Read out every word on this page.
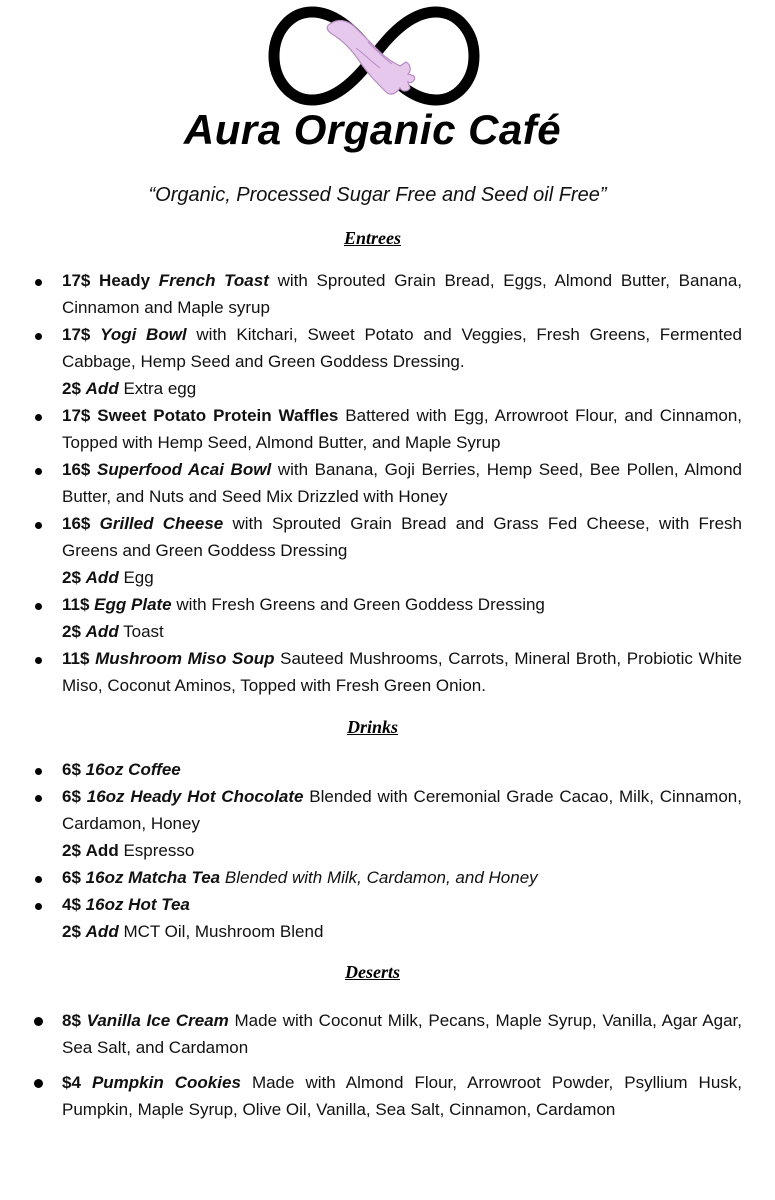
Aura Organic Café
“Organic, Processed Sugar Free and Seed oil Free”
Entrees
17$ Heady French Toast with Sprouted Grain Bread, Eggs, Almond Butter, Banana, Cinnamon and Maple syrup
17$ Yogi Bowl with Kitchari, Sweet Potato and Veggies, Fresh Greens, Fermented Cabbage, Hemp Seed and Green Goddess Dressing.
2$ Add Extra egg
17$ Sweet Potato Protein Waffles Battered with Egg, Arrowroot Flour, and Cinnamon, Topped with Hemp Seed, Almond Butter, and Maple Syrup
16$ Superfood Acai Bowl with Banana, Goji Berries, Hemp Seed, Bee Pollen, Almond Butter, and Nuts and Seed Mix Drizzled with Honey
16$ Grilled Cheese with Sprouted Grain Bread and Grass Fed Cheese, with Fresh Greens and Green Goddess Dressing
2$ Add Egg
11$ Egg Plate with Fresh Greens and Green Goddess Dressing
2$ Add Toast
11$ Mushroom Miso Soup Sauteed Mushrooms, Carrots, Mineral Broth, Probiotic White Miso, Coconut Aminos, Topped with Fresh Green Onion.
Drinks
6$ 16oz Coffee
6$ 16oz Heady Hot Chocolate Blended with Ceremonial Grade Cacao, Milk, Cinnamon, Cardamon, Honey
2$ Add Espresso
6$ 16oz Matcha Tea Blended with Milk, Cardamon, and Honey
4$ 16oz Hot Tea
2$ Add MCT Oil, Mushroom Blend
Deserts
8$ Vanilla Ice Cream Made with Coconut Milk, Pecans, Maple Syrup, Vanilla, Agar Agar, Sea Salt, and Cardamon
$4 Pumpkin Cookies Made with Almond Flour, Arrowroot Powder, Psyllium Husk, Pumpkin, Maple Syrup, Olive Oil, Vanilla, Sea Salt, Cinnamon, Cardamon
